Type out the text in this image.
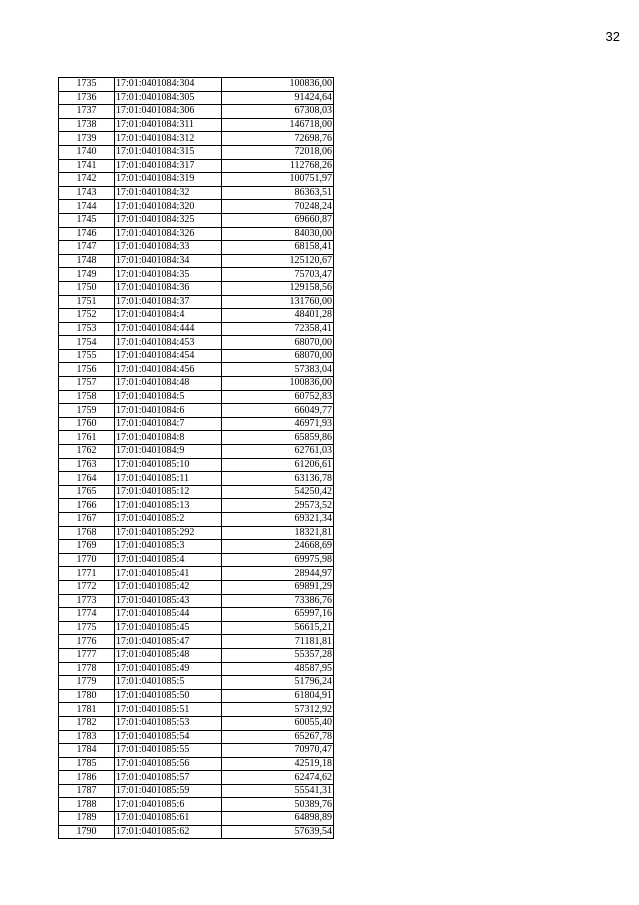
32
1735	17:01:0401084:304	100836,00
1736	17:01:0401084:305	91424,64
1737	17:01:0401084:306	67308,03
1738	17:01:0401084:311	146718,00
1739	17:01:0401084:312	72698,76
1740	17:01:0401084:315	72018,06
1741	17:01:0401084:317	112768,26
1742	17:01:0401084:319	100751,97
1743	17:01:0401084:32	86363,51
1744	17:01:0401084:320	70248,24
1745	17:01:0401084:325	69660,87
1746	17:01:0401084:326	84030,00
1747	17:01:0401084:33	68158,41
1748	17:01:0401084:34	125120,67
1749	17:01:0401084:35	75703,47
1750	17:01:0401084:36	129158,56
1751	17:01:0401084:37	131760,00
1752	17:01:0401084:4	48401,28
1753	17:01:0401084:444	72358,41
1754	17:01:0401084:453	68070,00
1755	17:01:0401084:454	68070,00
1756	17:01:0401084:456	57383,04
1757	17:01:0401084:48	100836,00
1758	17:01:0401084:5	60752,83
1759	17:01:0401084:6	66049,77
1760	17:01:0401084:7	46971,93
1761	17:01:0401084:8	65859,86
1762	17:01:0401084:9	62761,03
1763	17:01:0401085:10	61206,61
1764	17:01:0401085:11	63136,78
1765	17:01:0401085:12	54250,42
1766	17:01:0401085:13	29573,52
1767	17:01:0401085:2	69321,34
1768	17:01:0401085:292	18321,81
1769	17:01:0401085:3	24668,69
1770	17:01:0401085:4	69975,98
1771	17:01:0401085:41	28944,97
1772	17:01:0401085:42	69891,29
1773	17:01:0401085:43	73386,76
1774	17:01:0401085:44	65997,16
1775	17:01:0401085:45	56615,21
1776	17:01:0401085:47	71181,81
1777	17:01:0401085:48	55357,28
1778	17:01:0401085:49	48587,95
1779	17:01:0401085:5	51796,24
1780	17:01:0401085:50	61804,91
1781	17:01:0401085:51	57312,92
1782	17:01:0401085:53	60055,40
1783	17:01:0401085:54	65267,78
1784	17:01:0401085:55	70970,47
1785	17:01:0401085:56	42519,18
1786	17:01:0401085:57	62474,62
1787	17:01:0401085:59	55541,31
1788	17:01:0401085:6	50389,76
1789	17:01:0401085:61	64898,89
1790	17:01:0401085:62	57639,54
